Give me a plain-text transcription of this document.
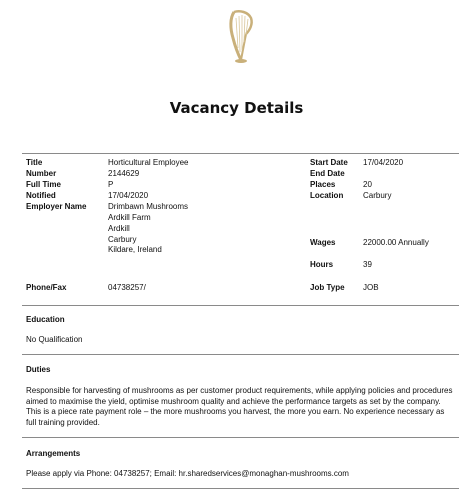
Vacancy Details
Title	Horticultural Employee
Number	2144629
Full Time	P
Notified	17/04/2020
Employer Name	Drimbawn Mushrooms
Ardkill Farm
Ardkill
Carbury
Kildare, Ireland
Phone/Fax	04738257/
Start Date 17/04/2020
End Date
Places	20
Location Carbury
Wages	22000.00 Annually
Hours	39
Job Type JOB
Education
No Qualification
Duties
Responsible for harvesting of mushrooms as per customer product requirements, while applying policies and procedures aimed to maximise the yield, optimise mushroom quality and achieve the performance targets as set by the company. This is a piece rate payment role – the more mushrooms you harvest, the more you earn. No experience necessary as full training provided.
Arrangements
Please apply via Phone: 04738257; Email: hr.sharedservices@monaghan-mushrooms.com
